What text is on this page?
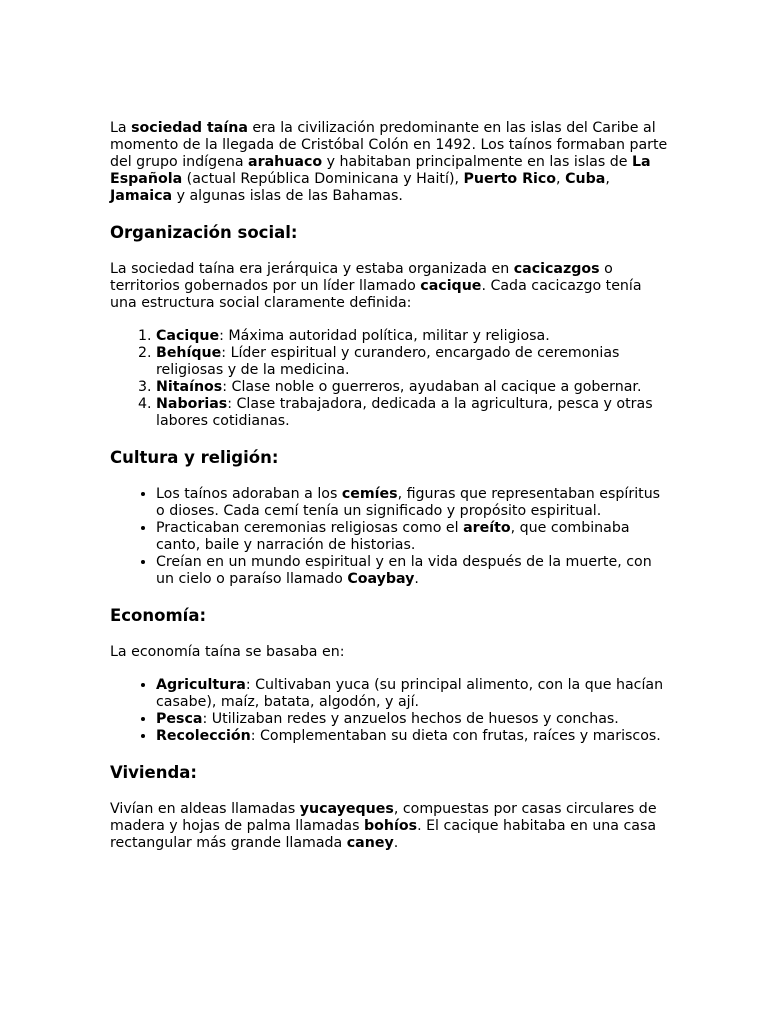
La sociedad taína era la civilización predominante en las islas del Caribe al momento de la llegada de Cristóbal Colón en 1492. Los taínos formaban parte del grupo indígena arahuaco y habitaban principalmente en las islas de La Española (actual República Dominicana y Haití), Puerto Rico, Cuba, Jamaica y algunas islas de las Bahamas.

Organización social:

La sociedad taína era jerárquica y estaba organizada en cacicazgos o territorios gobernados por un líder llamado cacique. Cada cacicazgo tenía una estructura social claramente definida:

1. Cacique: Máxima autoridad política, militar y religiosa.
2. Behíque: Líder espiritual y curandero, encargado de ceremonias religiosas y de la medicina.
3. Nitaínos: Clase noble o guerreros, ayudaban al cacique a gobernar.
4. Naborias: Clase trabajadora, dedicada a la agricultura, pesca y otras labores cotidianas.
Cultura y religión:
• Los taínos adoraban a los cemíes, figuras que representaban espíritus o dioses. Cada cemí tenía un significado y propósito espiritual.
• Practicaban ceremonias religiosas como el areíto, que combinaba canto, baile y narración de historias.
• Creían en un mundo espiritual y en la vida después de la muerte, con un cielo o paraíso llamado Coaybay.
Economía:

La economía taína se basaba en:

• Agricultura: Cultivaban yuca (su principal alimento, con la que hacían casabe), maíz, batata, algodón, y ají.
• Pesca: Utilizaban redes y anzuelos hechos de huesos y conchas.
• Recolección: Complementaban su dieta con frutas, raíces y mariscos.
Vivienda:

Vivían en aldeas llamadas yucayeques, compuestas por casas circulares de madera y hojas de palma llamadas bohíos. El cacique habitaba en una casa rectangular más grande llamada caney.
